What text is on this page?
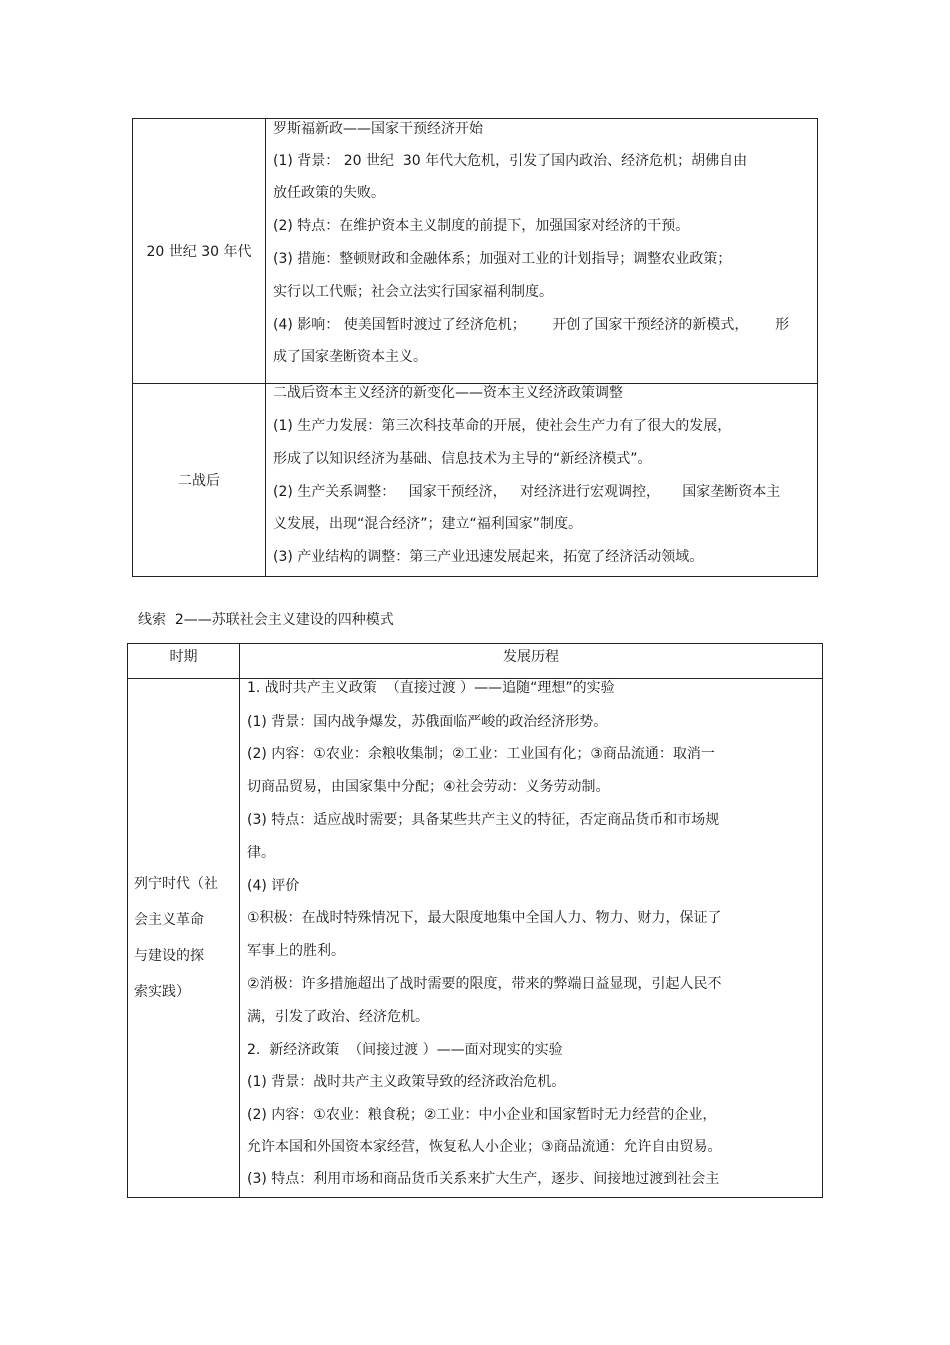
20 世纪 30 年代
罗斯福新政——国家干预经济开始
(1) 背景： 20 世纪  30 年代大危机，引发了国内政治、经济危机；胡佛自由
放任政策的失败。
(2) 特点：在维护资本主义制度的前提下，加强国家对经济的干预。
(3) 措施：整顿财政和金融体系；加强对工业的计划指导；调整农业政策；
实行以工代赈；社会立法实行国家福利制度。
(4) 影响： 使美国暂时渡过了经济危机；      开创了国家干预经济的新模式，      形
成了国家垄断资本主义。
二战后
二战后资本主义经济的新变化——资本主义经济政策调整
(1) 生产力发展：第三次科技革命的开展，使社会生产力有了很大的发展，
形成了以知识经济为基础、信息技术为主导的“新经济模式”。
(2) 生产关系调整：   国家干预经济，   对经济进行宏观调控，     国家垄断资本主
义发展，出现“混合经济”；建立“福利国家”制度。
(3) 产业结构的调整：第三产业迅速发展起来，拓宽了经济活动领域。
线索  2——苏联社会主义建设的四种模式
时期	发展历程
列宁时代（社
会主义革命
与建设的探
索实践）
1. 战时共产主义政策  （直接过渡 ）——追随“理想”的实验
(1) 背景：国内战争爆发，苏俄面临严峻的政治经济形势。
(2) 内容：①农业：余粮收集制；②工业：工业国有化；③商品流通：取消一
切商品贸易，由国家集中分配；④社会劳动：义务劳动制。
(3) 特点：适应战时需要；具备某些共产主义的特征，否定商品货币和市场规
律。
(4) 评价
①积极：在战时特殊情况下，最大限度地集中全国人力、物力、财力，保证了
军事上的胜利。
②消极：许多措施超出了战时需要的限度，带来的弊端日益显现，引起人民不
满，引发了政治、经济危机。
2.  新经济政策  （间接过渡 ）——面对现实的实验
(1) 背景：战时共产主义政策导致的经济政治危机。
(2) 内容：①农业：粮食税；②工业：中小企业和国家暂时无力经营的企业，
允许本国和外国资本家经营，恢复私人小企业；③商品流通：允许自由贸易。
(3) 特点：利用市场和商品货币关系来扩大生产，逐步、间接地过渡到社会主
